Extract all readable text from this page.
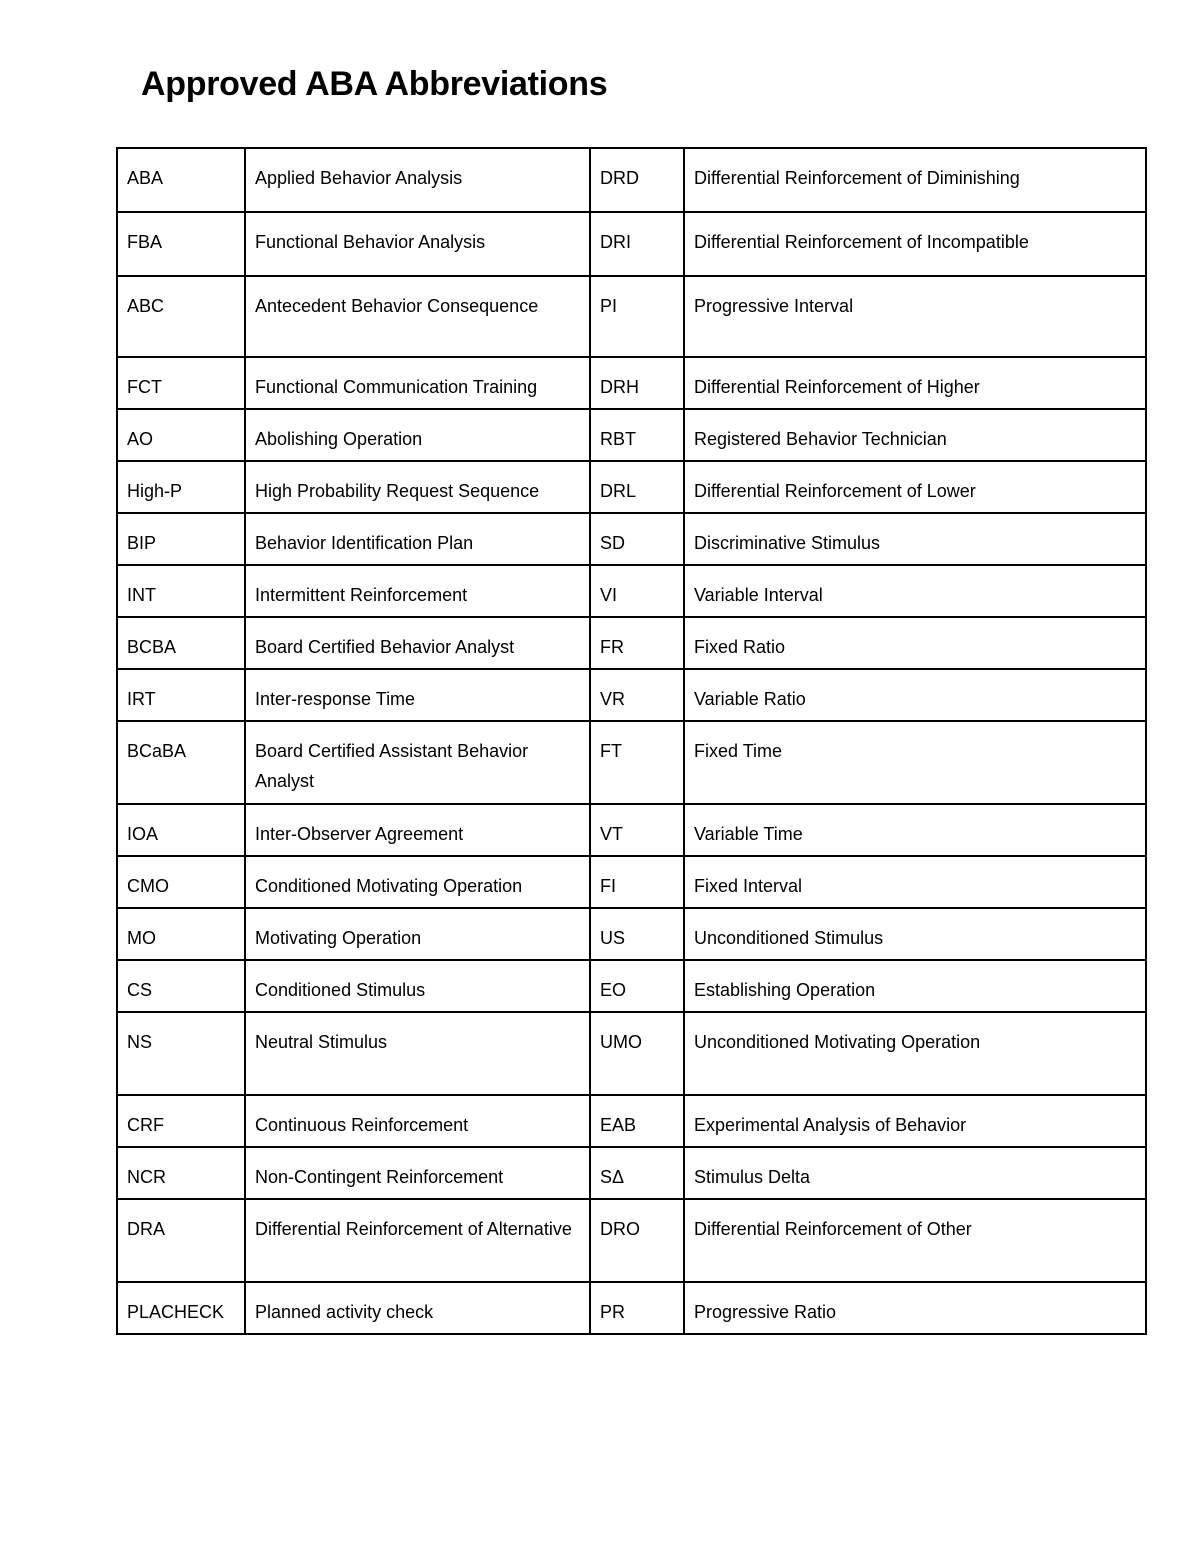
Approved ABA Abbreviations
ABA	Applied Behavior Analysis	DRD	Differential Reinforcement of Diminishing
FBA	Functional Behavior Analysis	DRI	Differential Reinforcement of Incompatible
ABC	Antecedent Behavior Consequence	PI	Progressive Interval
FCT	Functional Communication Training	DRH	Differential Reinforcement of Higher
AO	Abolishing Operation	RBT	Registered Behavior Technician
High-P	High Probability Request Sequence	DRL	Differential Reinforcement of Lower
BIP	Behavior Identification Plan	SD	Discriminative Stimulus
INT	Intermittent Reinforcement	VI	Variable Interval
BCBA	Board Certified Behavior Analyst	FR	Fixed Ratio
IRT	Inter-response Time	VR	Variable Ratio
BCaBA	Board Certified Assistant Behavior Analyst	FT	Fixed Time
IOA	Inter-Observer Agreement	VT	Variable Time
CMO	Conditioned Motivating Operation	FI	Fixed Interval
MO	Motivating Operation	US	Unconditioned Stimulus
CS	Conditioned Stimulus	EO	Establishing Operation
NS	Neutral Stimulus	UMO	Unconditioned Motivating Operation
CRF	Continuous Reinforcement	EAB	Experimental Analysis of Behavior
NCR	Non-Contingent Reinforcement	SΔ	Stimulus Delta
DRA	Differential Reinforcement of Alternative	DRO	Differential Reinforcement of Other
PLACHECK	Planned activity check	PR	Progressive Ratio
